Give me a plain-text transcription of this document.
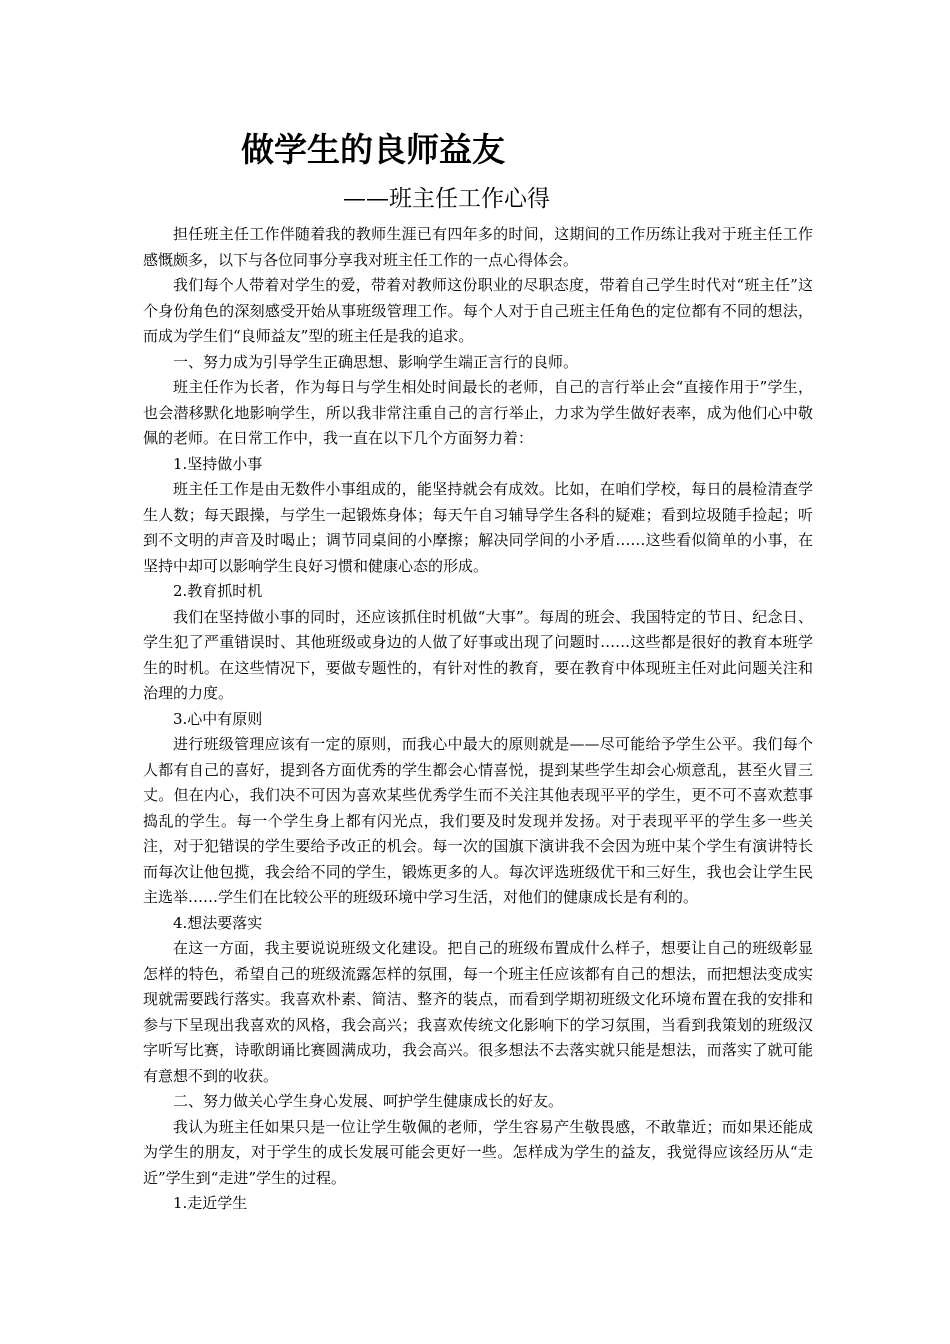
做学生的良师益友
——班主任工作心得

担任班主任工作伴随着我的教师生涯已有四年多的时间，这期间的工作历练让我对于班主任工作感慨颇多，以下与各位同事分享我对班主任工作的一点心得体会。

我们每个人带着对学生的爱，带着对教师这份职业的尽职态度，带着自己学生时代对“班主任”这个身份角色的深刻感受开始从事班级管理工作。每个人对于自己班主任角色的定位都有不同的想法，而成为学生们“良师益友”型的班主任是我的追求。

一、努力成为引导学生正确思想、影响学生端正言行的良师。

班主任作为长者，作为每日与学生相处时间最长的老师，自己的言行举止会“直接作用于”学生，也会潜移默化地影响学生，所以我非常注重自己的言行举止，力求为学生做好表率，成为他们心中敬佩的老师。在日常工作中，我一直在以下几个方面努力着：

1.坚持做小事

班主任工作是由无数件小事组成的，能坚持就会有成效。比如，在咱们学校，每日的晨检清查学生人数；每天跟操，与学生一起锻炼身体；每天午自习辅导学生各科的疑难；看到垃圾随手捡起；听到不文明的声音及时喝止；调节同桌间的小摩擦；解决同学间的小矛盾……这些看似简单的小事，在坚持中却可以影响学生良好习惯和健康心态的形成。

2.教育抓时机

我们在坚持做小事的同时，还应该抓住时机做“大事”。每周的班会、我国特定的节日、纪念日、学生犯了严重错误时、其他班级或身边的人做了好事或出现了问题时……这些都是很好的教育本班学生的时机。在这些情况下，要做专题性的，有针对性的教育，要在教育中体现班主任对此问题关注和治理的力度。

3.心中有原则

进行班级管理应该有一定的原则，而我心中最大的原则就是——尽可能给予学生公平。我们每个人都有自己的喜好，提到各方面优秀的学生都会心情喜悦，提到某些学生却会心烦意乱，甚至火冒三丈。但在内心，我们决不可因为喜欢某些优秀学生而不关注其他表现平平的学生，更不可不喜欢惹事捣乱的学生。每一个学生身上都有闪光点，我们要及时发现并发扬。对于表现平平的学生多一些关注，对于犯错误的学生要给予改正的机会。每一次的国旗下演讲我不会因为班中某个学生有演讲特长而每次让他包揽，我会给不同的学生，锻炼更多的人。每次评选班级优干和三好生，我也会让学生民主选举……学生们在比较公平的班级环境中学习生活，对他们的健康成长是有利的。

4.想法要落实

在这一方面，我主要说说班级文化建设。把自己的班级布置成什么样子，想要让自己的班级彰显怎样的特色，希望自己的班级流露怎样的氛围，每一个班主任应该都有自己的想法，而把想法变成实现就需要践行落实。我喜欢朴素、简洁、整齐的装点，而看到学期初班级文化环境布置在我的安排和参与下呈现出我喜欢的风格，我会高兴；我喜欢传统文化影响下的学习氛围，当看到我策划的班级汉字听写比赛，诗歌朗诵比赛圆满成功，我会高兴。很多想法不去落实就只能是想法，而落实了就可能有意想不到的收获。

二、努力做关心学生身心发展、呵护学生健康成长的好友。

我认为班主任如果只是一位让学生敬佩的老师，学生容易产生敬畏感，不敢靠近；而如果还能成为学生的朋友，对于学生的成长发展可能会更好一些。怎样成为学生的益友，我觉得应该经历从“走近”学生到“走进”学生的过程。

1.走近学生
